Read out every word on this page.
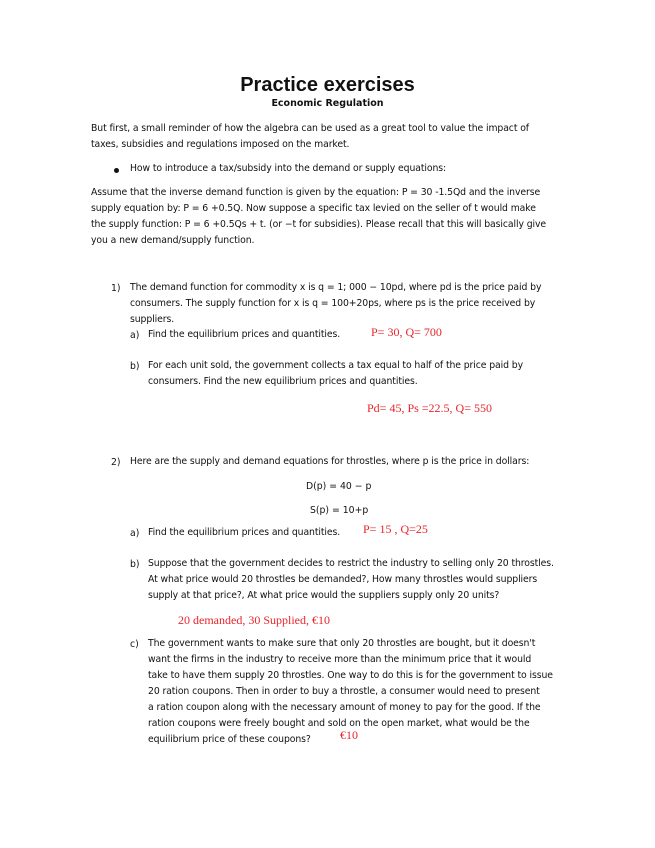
Practice exercises
Economic Regulation
But first, a small reminder of how the algebra can be used as a great tool to value the impact of
taxes, subsidies and regulations imposed on the market.
How to introduce a tax/subsidy into the demand or supply equations:
Assume that the inverse demand function is given by the equation: P = 30 -1.5Qd and the inverse
supply equation by: P = 6 +0.5Q. Now suppose a specific tax levied on the seller of t would make
the supply function: P = 6 +0.5Qs + t. (or −t for subsidies). Please recall that this will basically give
you a new demand/supply function.
1) The demand function for commodity x is q = 1; 000 − 10pd, where pd is the price paid by
consumers. The supply function for x is q = 100+20ps, where ps is the price received by
suppliers.
a) Find the equilibrium prices and quantities.	P= 30, Q= 700
b) For each unit sold, the government collects a tax equal to half of the price paid by
consumers. Find the new equilibrium prices and quantities.
Pd= 45, Ps =22.5, Q= 550
2) Here are the supply and demand equations for throstles, where p is the price in dollars:
D(p) = 40 − p
S(p) = 10+p
a) Find the equilibrium prices and quantities. P= 15 , Q=25
b) Suppose that the government decides to restrict the industry to selling only 20 throstles.
At what price would 20 throstles be demanded?, How many throstles would suppliers
supply at that price?, At what price would the suppliers supply only 20 units?
20 demanded, 30 Supplied, €10
c) The government wants to make sure that only 20 throstles are bought, but it doesn't
want the firms in the industry to receive more than the minimum price that it would
take to have them supply 20 throstles. One way to do this is for the government to issue
20 ration coupons. Then in order to buy a throstle, a consumer would need to present
a ration coupon along with the necessary amount of money to pay for the good. If the
ration coupons were freely bought and sold on the open market, what would be the
equilibrium price of these coupons? €10
